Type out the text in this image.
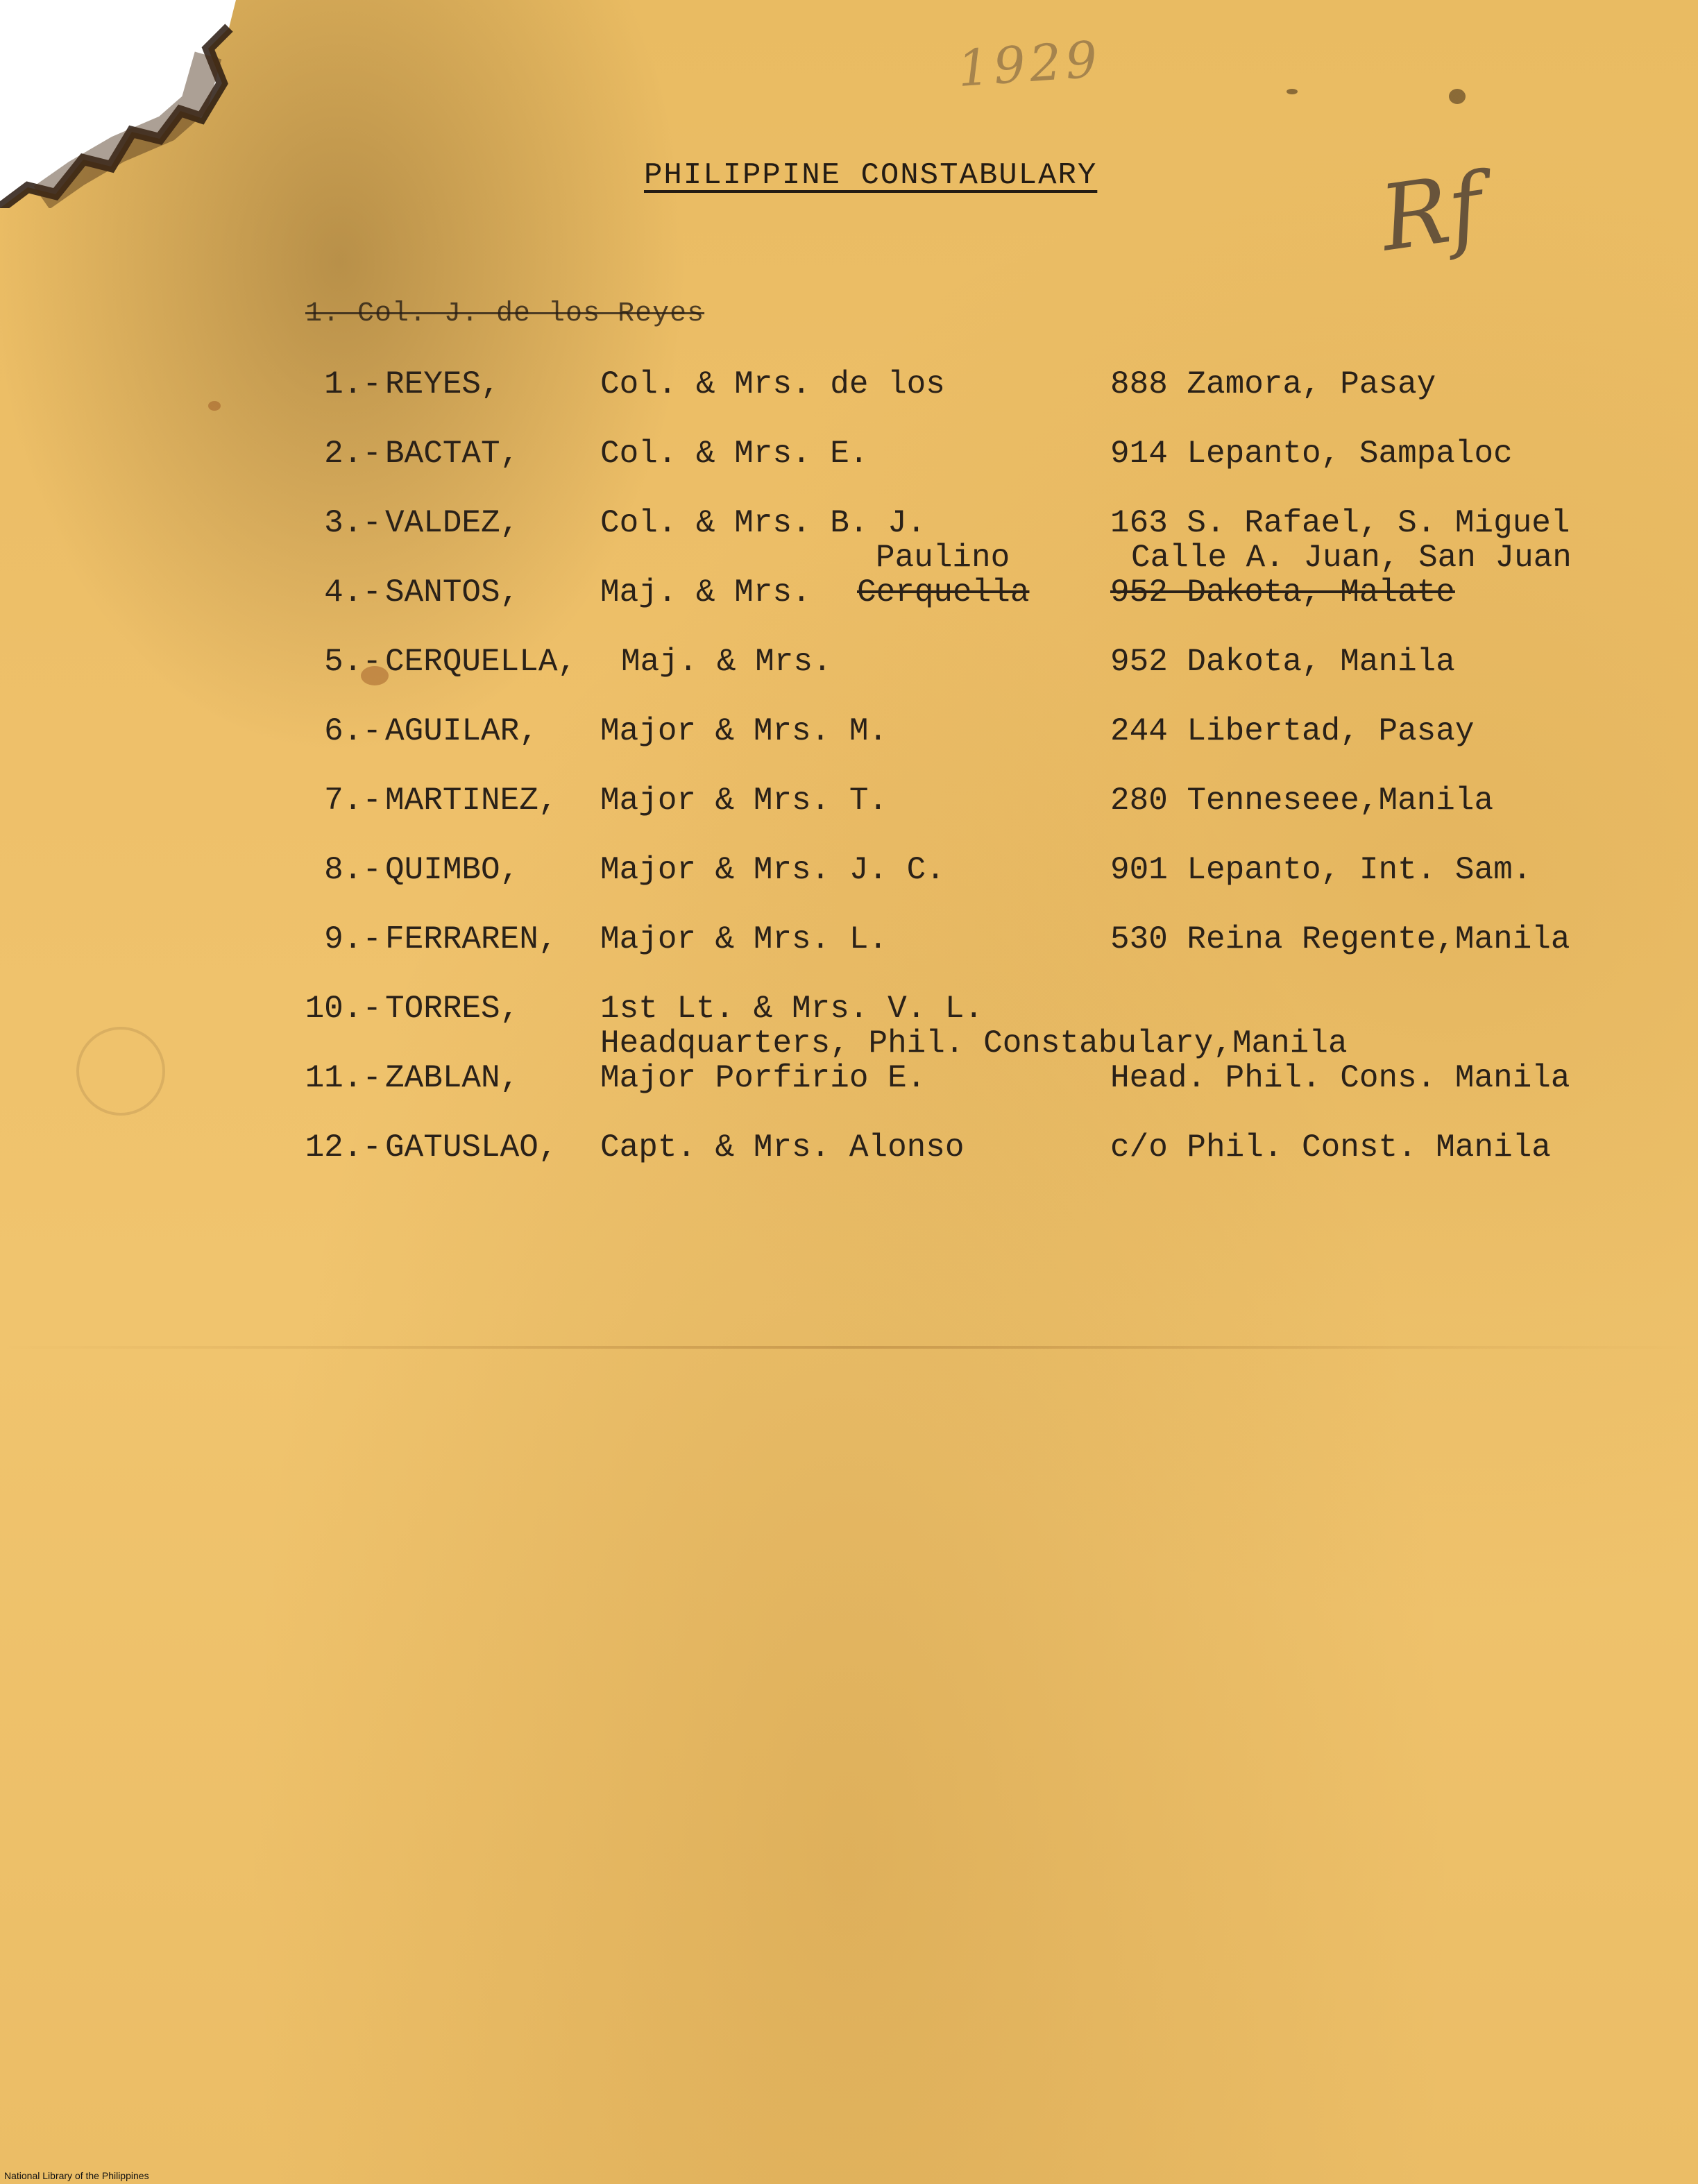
1929
Rf
PHILIPPINE CONSTABULARY
1. Col. J. de los Reyes
1.- REYES,	Col. & Mrs. de los	888 Zamora, Pasay
2.- BACTAT,	Col. & Mrs. E.	914 Lepanto, Sampaloc
3.- VALDEZ,	Col. & Mrs. B. J.	163 S. Rafael, S. Miguel
Paulino	Calle A. Juan, San Juan
4.- SANTOS,	Maj. & Mrs. Cerquella	952 Dakota, Malate
5.- CERQUELLA, Maj. & Mrs.	952 Dakota, Manila
6.- AGUILAR, Major & Mrs. M.	244 Libertad, Pasay
7.- MARTINEZ, Major & Mrs. T.	280 Tenneseee,Manila
8.- QUIMBO,	Major & Mrs. J. C.	901 Lepanto, Int. Sam.
9.- FERRAREN, Major & Mrs. L.	530 Reina Regente,Manila
10.- TORRES,	1st Lt. & Mrs. V. L.
Headquarters, Phil. Constabulary,Manila
11.- ZABLAN,	Major Porfirio E.	Head. Phil. Cons. Manila
12.- GATUSLAO, Capt. & Mrs. Alonso	c/o Phil. Const. Manila
National Library of the Philippines
